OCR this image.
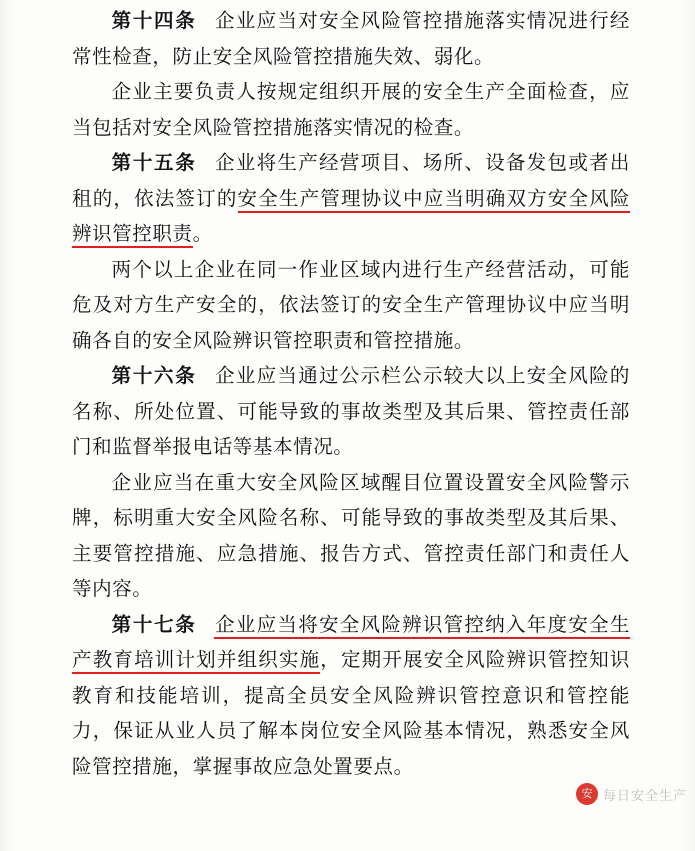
第十四条 企业应当对安全风险管控措施落实情况进行经常性检查，防止安全风险管控措施失效、弱化。

企业主要负责人按规定组织开展的安全生产全面检查，应当包括对安全风险管控措施落实情况的检查。

第十五条 企业将生产经营项目、场所、设备发包或者出租的，依法签订的安全生产管理协议中应当明确双方安全风险辨识管控职责。

两个以上企业在同一作业区域内进行生产经营活动，可能危及对方生产安全的，依法签订的安全生产管理协议中应当明确各自的安全风险辨识管控职责和管控措施。

第十六条 企业应当通过公示栏公示较大以上安全风险的名称、所处位置、可能导致的事故类型及其后果、管控责任部门和监督举报电话等基本情况。

企业应当在重大安全风险区域醒目位置设置安全风险警示牌，标明重大安全风险名称、可能导致的事故类型及其后果、主要管控措施、应急措施、报告方式、管控责任部门和责任人等内容。

第十七条 企业应当将安全风险辨识管控纳入年度安全生产教育培训计划并组织实施，定期开展安全风险辨识管控知识教育和技能培训，提高全员安全风险辨识管控意识和管控能力，保证从业人员了解本岗位安全风险基本情况，熟悉安全风险管控措施，掌握事故应急处置要点。

安 每日安全生产
